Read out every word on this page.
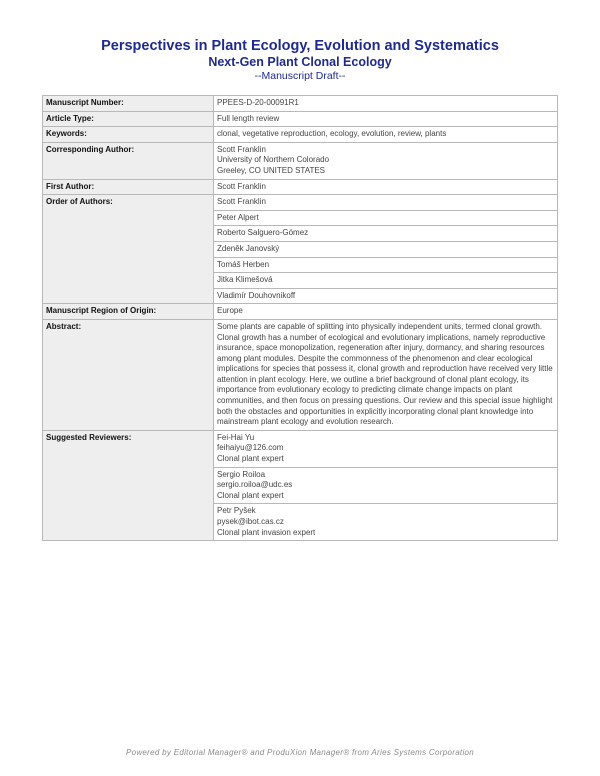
Perspectives in Plant Ecology, Evolution and Systematics
Next-Gen Plant Clonal Ecology
--Manuscript Draft--
Manuscript Number:	PPEES-D-20-00091R1
Article Type:	Full length review
Keywords:	clonal, vegetative reproduction, ecology, evolution, review, plants
Corresponding Author:	Scott Franklin
University of Northern Colorado
Greeley, CO UNITED STATES

First Author:	Scott Franklin
Order of Authors:	Scott Franklin
	Peter Alpert
	Roberto Salguero-Gómez
	Zdeněk Janovský
	Tomáš Herben
	Jitka Klimešová
	Vladimír Douhovnikoff
Manuscript Region of Origin:	Europe
Abstract:	Some plants are capable of splitting into physically independent units, termed clonal growth. Clonal growth has a number of ecological and evolutionary implications, namely reproductive insurance, space monopolization, regeneration after injury, dormancy, and sharing resources among plant modules. Despite the commonness of the phenomenon and clear ecological implications for species that possess it, clonal growth and reproduction have received very little attention in plant ecology. Here, we outline a brief background of clonal plant ecology, its importance from evolutionary ecology to predicting climate change impacts on plant communities, and then focus on pressing questions. Our review and this special issue highlight both the obstacles and opportunities in explicitly incorporating clonal plant knowledge into mainstream plant ecology and evolution research.
Suggested Reviewers:	Fei-Hai Yu
feihaiyu@126.com
Clonal plant expert

	Sergio Roiloa
sergio.roiloa@udc.es
Clonal plant expert

	Petr Pyšek
pysek@ibot.cas.cz
Clonal plant invasion expert
Powered by Editorial Manager® and ProduXion Manager® from Aries Systems Corporation
